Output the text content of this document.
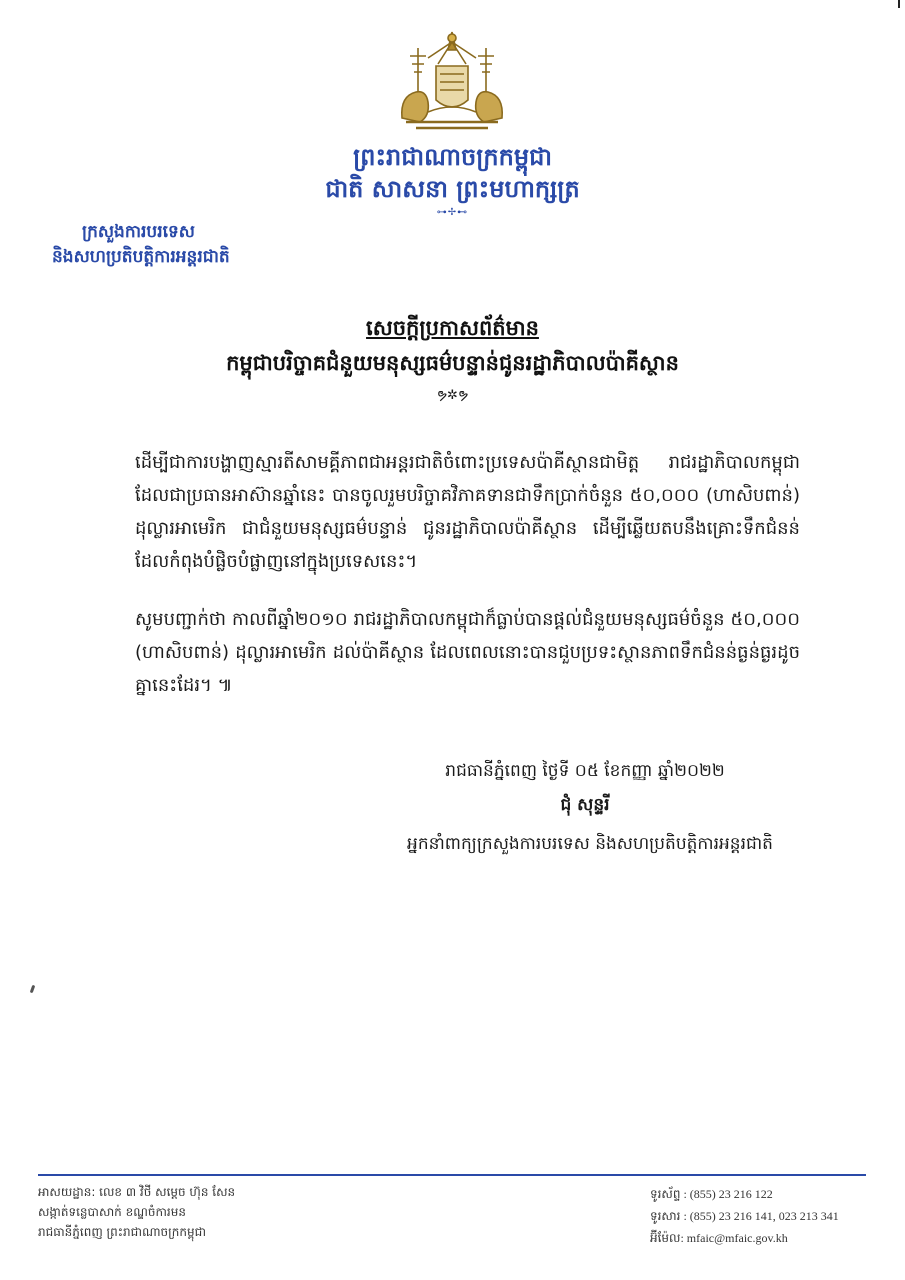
ព្រះរាជាណាចក្រកម្ពុជា
ជាតិ សាសនា ព្រះមហាក្សត្រ
⊶✢⊷
ក្រសួងការបរទេស
និងសហប្រតិបត្តិការអន្តរជាតិ
សេចក្តីប្រកាសព័ត៌មាន
កម្ពុជាបរិច្ចាគជំនួយមនុស្សធម៌បន្ទាន់ជូនរដ្ឋាភិបាលប៉ាគីស្ថាន
ຯ✲ຯ
ដើម្បីជាការបង្ហាញស្មារតីសាមគ្គីភាពជាអន្តរជាតិចំពោះប្រទេសប៉ាគីស្ថានជាមិត្ត រាជរដ្ឋាភិបាលកម្ពុជា ដែលជាប្រធានអាស៊ានឆ្នាំនេះ បានចូលរួមបរិច្ចាគវិភាគទានជាទឹកប្រាក់ចំនួន ៥០,០០០ (ហាសិបពាន់) ដុល្លារអាមេរិក ជាជំនួយមនុស្សធម៌បន្ទាន់ ជូនរដ្ឋាភិបាលប៉ាគីស្ថាន ដើម្បីឆ្លើយតបនឹងគ្រោះទឹកជំនន់ដែលកំពុងបំផ្លិចបំផ្លាញនៅក្នុងប្រទេសនេះ។
សូមបញ្ជាក់ថា កាលពីឆ្នាំ២០១០ រាជរដ្ឋាភិបាលកម្ពុជាក៏ធ្លាប់បានផ្តល់ជំនួយមនុស្សធម៌ចំនួន ៥០,០០០ (ហាសិបពាន់) ដុល្លារអាមេរិក ដល់ប៉ាគីស្ថាន ដែលពេលនោះបានជួបប្រទះស្ថានភាពទឹកជំនន់ធ្ងន់ធ្ងរដូចគ្នានេះដែរ។ ៕
រាជធានីភ្នំពេញ ថ្ងៃទី ០៥ ខែកញ្ញា ឆ្នាំ២០២២
ជុំ សុន្ទរី
អ្នកនាំពាក្យក្រសួងការបរទេស និងសហប្រតិបត្តិការអន្តរជាតិ
អាសយដ្ឋាន: លេខ ៣ វិថី សម្តេច ហ៊ុន សែន
សង្កាត់ទន្លេបាសាក់ ខណ្ឌចំការមន
រាជធានីភ្នំពេញ ព្រះរាជាណាចក្រកម្ពុជា
ទូរស័ព្ទ : (855) 23 216 122
ទូរសារ : (855) 23 216 141, 023 213 341
អ៊ីម៉ែល: mfaic@mfaic.gov.kh
